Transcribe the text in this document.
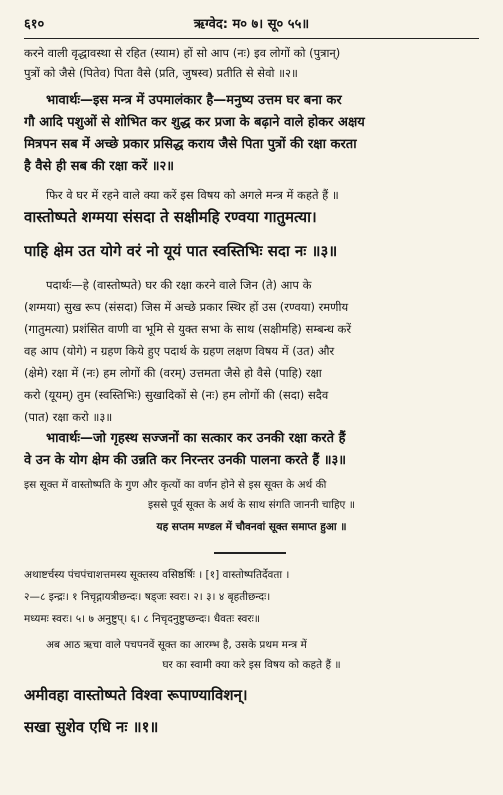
६१०	ऋग्वेद: म० ७। सू० ५५॥
करने वाली वृद्धावस्था से रहित (स्याम) हों सो आप (नः) इव लोगों को (पुत्रान्)
पुत्रों को जैसे (पितेव) पिता वैसे (प्रति, जुषस्व) प्रतीति से सेवो ॥२॥
भावार्थः—इस मन्त्र में उपमालंकार है—मनुष्य उत्तम घर बना कर
गौ आदि पशुओं से शोभित कर शुद्ध कर प्रजा के बढ़ाने वाले होकर अक्षय
मित्रपन सब में अच्छे प्रकार प्रसिद्ध कराय जैसे पिता पुत्रों की रक्षा करता
है वैसे ही सब की रक्षा करें ॥२॥
फिर वे घर में रहने वाले क्या करें इस विषय को अगले मन्त्र में कहते हैं ॥
वास्तोष्पते शग्मया संसदा ते सक्षीमहि रण्वया गातुमत्या।
पाहि क्षेम उत योगे वरं नो यूयं पात स्वस्तिभिः सदा नः ॥३॥
पदार्थः—हे (वास्तोष्पते) घर की रक्षा करने वाले जिन (ते) आप के
(शग्मया) सुख रूप (संसदा) जिस में अच्छे प्रकार स्थिर हों उस (रण्वया) रमणीय
(गातुमत्या) प्रशंसित वाणी वा भूमि से युक्त सभा के साथ (सक्षीमहि) सम्बन्ध करें
वह आप (योगे) न ग्रहण किये हुए पदार्थ के ग्रहण लक्षण विषय में (उत) और
(क्षेमे) रक्षा में (नः) हम लोगों की (वरम्) उत्तमता जैसे हो वैसे (पाहि) रक्षा
करो (यूयम्) तुम (स्वस्तिभिः) सुखादिकों से (नः) हम लोगों की (सदा) सदैव
(पात) रक्षा करो ॥३॥
भावार्थः—जो गृहस्थ सज्जनों का सत्कार कर उनकी रक्षा करते हैं
वे उन के योग क्षेम की उन्नति कर निरन्तर उनकी पालना करते हैं ॥३॥
इस सूक्त में वास्तोष्पति के गुण और कृत्यों का वर्णन होने से इस सूक्त के अर्थ की
इससे पूर्व सूक्त के अर्थ के साथ संगति जाननी चाहिए ॥
यह सप्तम मण्डल में चौवनवां सूक्त समाप्त हुआ ॥
अथाष्टर्चस्य पंचपंचाशत्तमस्य सूक्तस्य वसिष्ठर्षिः । [१] वास्तोष्पतिर्देवता ।
२—८ इन्द्रः। १ निचृद्गायत्रीछन्दः। षड्जः स्वरः। २। ३। ४ बृहतीछन्दः।
मध्यमः स्वरः। ५। ७ अनुष्टुप्। ६। ८ निचृदनुष्टुप्छन्दः। धैवतः स्वरः॥
अब आठ ऋचा वाले पचपनवें सूक्त का आरम्भ है, उसके प्रथम मन्त्र में
घर का स्वामी क्या करे इस विषय को कहते हैं ॥
अमीवहा वास्तोष्पते विश्वा रूपाण्याविशन्।
सखा सुशेव एधि नः ॥१॥
